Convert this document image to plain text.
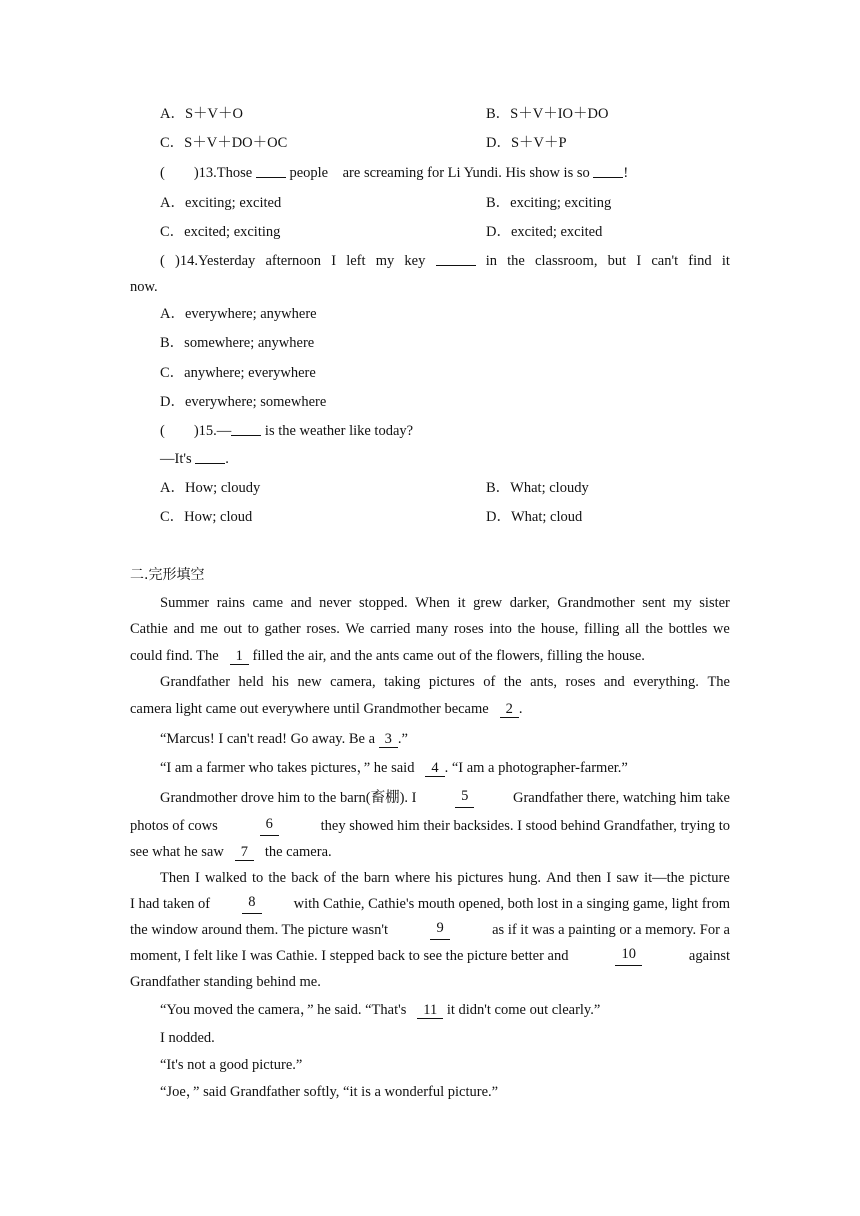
A．S＋V＋O	B．S＋V＋IO＋DO
C．S＋V＋DO＋OC	D．S＋V＋P
(　　)13.Those	people　are screaming for Li Yundi. His show is so !
A．exciting; excited	B．exciting; exciting
C．excited; exciting	D．excited; excited
( )14.Yesterday afternoon I left my key	in the classroom, but I can't find it
now.
A．everywhere; anywhere
B．somewhere; anywhere
C．anywhere; everywhere
D．everywhere; somewhere
(　　)15.— is the weather like today?
—It's .
A．How; cloudy	B．What; cloudy
C．How; cloud	D．What; cloud
二.完形填空
Summer rains came and never stopped. When it grew darker, Grandmother sent my sister
Cathie and me out to gather roses. We carried many roses into the house, filling all the bottles we
could find. The 1 filled the air, and the ants came out of the flowers, filling the house.
Grandfather held his new camera, taking pictures of the ants, roses and everything. The
camera light came out everywhere until Grandmother became 2 .
“Marcus! I can't read! Go away. Be a 3 .”
“I am a farmer who takes pictures，” he said 4 . “I am a photographer-farmer.”
Grandmother drove him to the barn(畜棚). I	5	Grandfather there, watching him take
photos of cows	6	they showed him their backsides. I stood behind Grandfather, trying to
see what he saw 7 the camera.
Then I walked to the back of the barn where his pictures hung. And then I saw it—the picture
I had taken of	8	with Cathie, Cathie's mouth opened, both lost in a singing game, light from
the window around them. The picture wasn't	9	as if it was a painting or a memory. For a
moment, I felt like I was Cathie. I stepped back to see the picture better and	10	against
Grandfather standing behind me.
“You moved the camera，” he said. “That's 11 it didn't come out clearly.”
I nodded.
“It's not a good picture.”
“Joe，” said Grandfather softly, “it is a wonderful picture.”
